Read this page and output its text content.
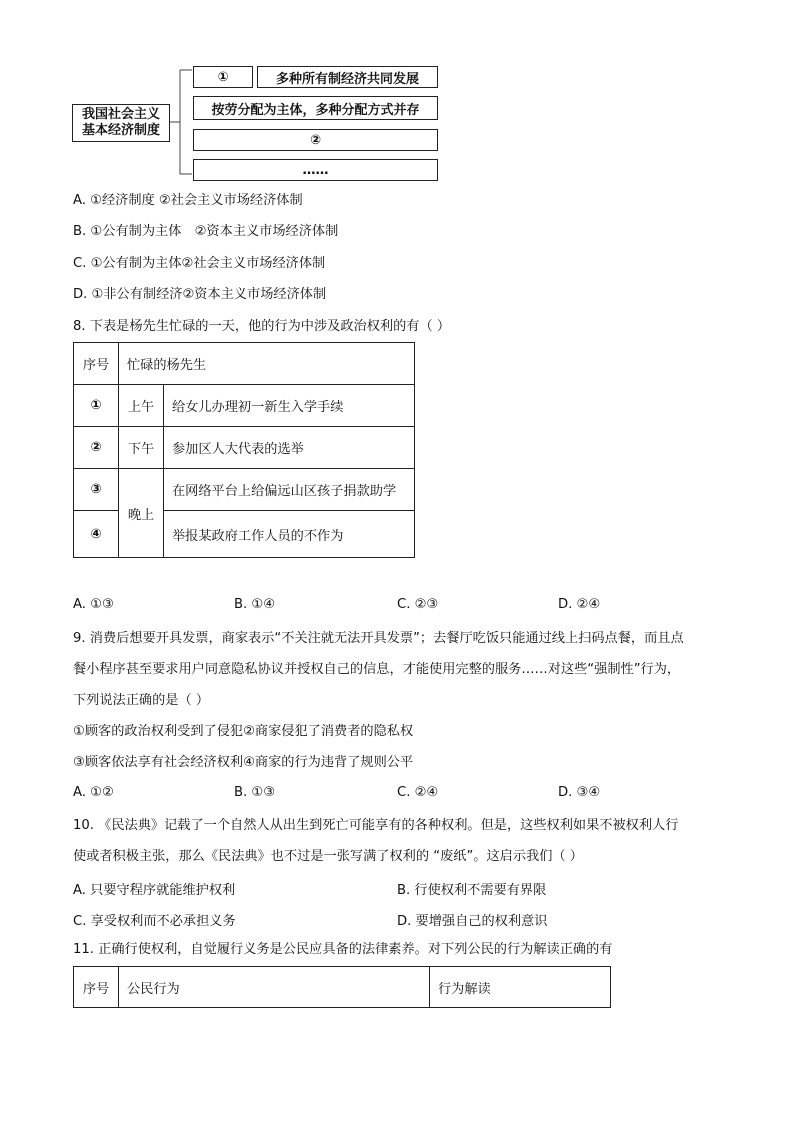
我国社会主义
基本经济制度
①	多种所有制经济共同发展
按劳分配为主体，多种分配方式并存
②
……
A. ①经济制度 ②社会主义市场经济体制
B. ①公有制为主体　②资本主义市场经济体制
C. ①公有制为主体②社会主义市场经济体制
D. ①非公有制经济②资本主义市场经济体制
8. 下表是杨先生忙碌的一天，他的行为中涉及政治权利的有（ ）
序号	忙碌的杨先生	
①	上午	给女儿办理初一新生入学手续
②	下午	参加区人大代表的选举
③	晚上	在网络平台上给偏远山区孩子捐款助学
④		举报某政府工作人员的不作为
A. ①③	B. ①④	C. ②③	D. ②④
9. 消费后想要开具发票，商家表示“不关注就无法开具发票”；去餐厅吃饭只能通过线上扫码点餐，而且点
餐小程序甚至要求用户同意隐私协议并授权自己的信息，才能使用完整的服务……对这些“强制性”行为，
下列说法正确的是（ ）
①顾客的政治权利受到了侵犯②商家侵犯了消费者的隐私权
③顾客依法享有社会经济权利④商家的行为违背了规则公平
A. ①②	B. ①③	C. ②④	D. ③④
10. 《民法典》记载了一个自然人从出生到死亡可能享有的各种权利。但是，这些权利如果不被权利人行
使或者积极主张，那么《民法典》也不过是一张写满了权利的 “废纸”。这启示我们（ ）
A. 只要守程序就能维护权利	B. 行使权利不需要有界限
C. 享受权利而不必承担义务	D. 要增强自己的权利意识
11. 正确行使权利，自觉履行义务是公民应具备的法律素养。对下列公民的行为解读正确的有
序号	公民行为	行为解读
